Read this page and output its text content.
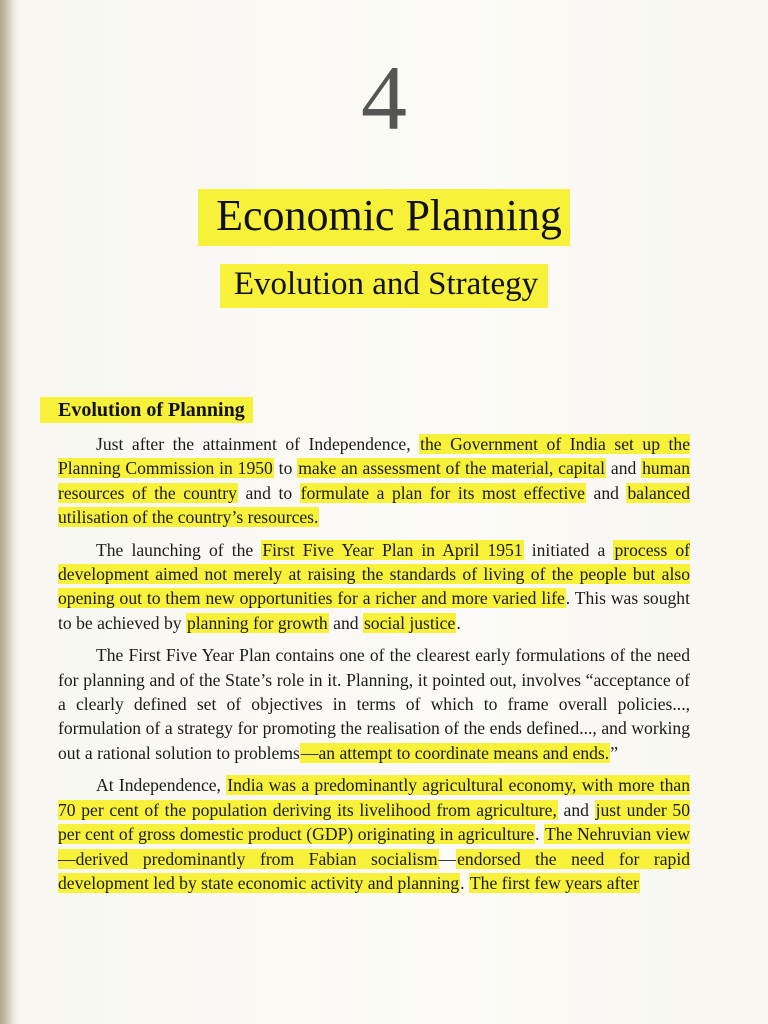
4
Economic Planning
Evolution and Strategy
Evolution of Planning

Just after the attainment of Independence, the Government of India set up the Planning Commission in 1950 to make an assessment of the material, capital and human resources of the country and to formulate a plan for its most effective and balanced utilisation of the country’s resources.

The launching of the First Five Year Plan in April 1951 initiated a process of development aimed not merely at raising the standards of living of the people but also opening out to them new opportunities for a richer and more varied life. This was sought to be achieved by planning for growth and social justice.

The First Five Year Plan contains one of the clearest early formulations of the need for planning and of the State’s role in it. Planning, it pointed out, involves “acceptance of a clearly defined set of objectives in terms of which to frame overall policies..., formulation of a strategy for promoting the realisation of the ends defined..., and working out a rational solution to problems—an attempt to coordinate means and ends.”

At Independence, India was a predominantly agricultural economy, with more than 70 per cent of the population deriving its livelihood from agriculture, and just under 50 per cent of gross domestic product (GDP) originating in agriculture. The Nehruvian view—derived predominantly from Fabian socialism—endorsed the need for rapid development led by state economic activity and planning. The first few years after
